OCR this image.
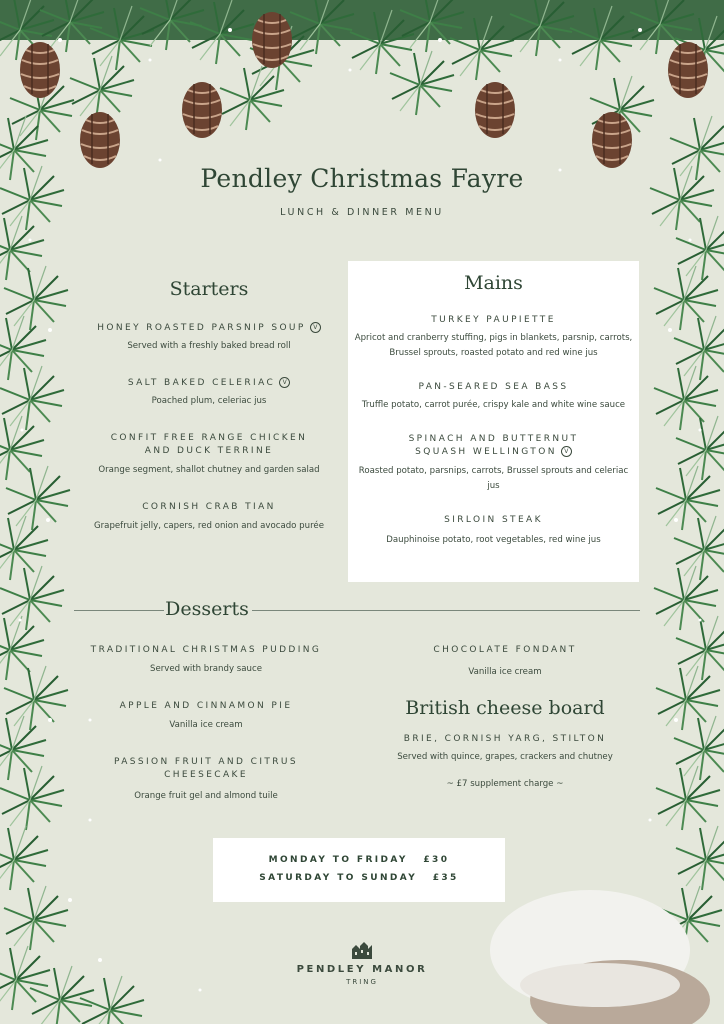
Pendley Christmas Fayre
LUNCH & DINNER MENU
Starters
HONEY ROASTED PARSNIP SOUP V
Served with a freshly baked bread roll
SALT BAKED CELERIAC V
Poached plum, celeriac jus
CONFIT FREE RANGE CHICKEN
AND DUCK TERRINE
Orange segment, shallot chutney and garden salad
CORNISH CRAB TIAN
Grapefruit jelly, capers, red onion and avocado purée
Mains
TURKEY PAUPIETTE
Apricot and cranberry stuffing, pigs in blankets, parsnip, carrots,
Brussel sprouts, roasted potato and red wine jus
PAN-SEARED SEA BASS
Truffle potato, carrot purée, crispy kale and white wine sauce
SPINACH AND BUTTERNUT
SQUASH WELLINGTON V
Roasted potato, parsnips, carrots, Brussel sprouts and celeriac jus
SIRLOIN STEAK
Dauphinoise potato, root vegetables, red wine jus
Desserts
TRADITIONAL CHRISTMAS PUDDING
Served with brandy sauce
APPLE AND CINNAMON PIE
Vanilla ice cream
PASSION FRUIT AND CITRUS
CHEESECAKE
Orange fruit gel and almond tuile
CHOCOLATE FONDANT
Vanilla ice cream
British cheese board
BRIE, CORNISH YARG, STILTON
Served with quince, grapes, crackers and chutney
~ £7 supplement charge ~
MONDAY TO FRIDAY £30
SATURDAY TO SUNDAY £35
PENDLEY MANOR
TRING
